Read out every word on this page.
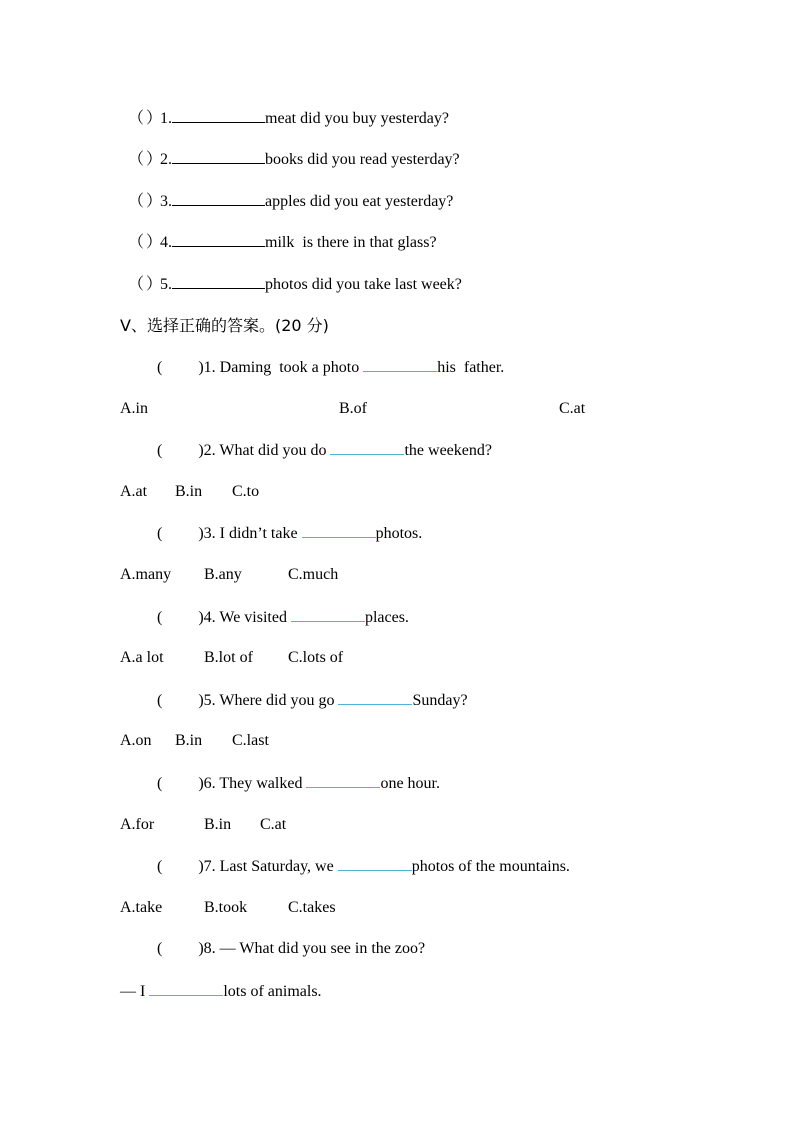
（ ）1.	meat did you buy yesterday?
（ ）2.	books did you read yesterday?
（ ）3.	apples did you eat yesterday?
（ ）4.	milk  is there in that glass?
（ ）5.	photos did you take last week?
Ⅴ、选择正确的答案。(20 分)
( )1. Daming  took a photo	his  father.
A.in	B.of	C.at
( )2. What did you do	the weekend?
A.at B.in C.to
( )3. I didn’t take	photos.
A.many B.any	C.much
( )4. We visited	places.
A.a lot	B.lot of C.lots of
( )5. Where did you go	Sunday?
A.on B.in C.last
( )6. They walked	one hour.
A.for	B.in C.at
( )7. Last Saturday, we	photos of the mountains.
A.take	B.took	C.takes
( )8. — What did you see in the zoo?
— I	lots of animals.
